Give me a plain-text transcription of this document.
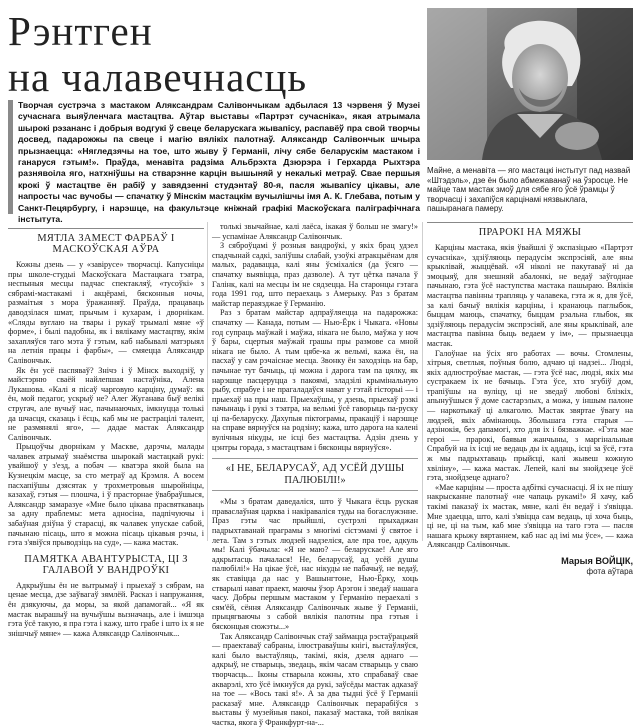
Рэнтген
на чалавечнасць

Творчая сустрэча з мастаком Аляксандрам Салівончыкам адбылася 13 чэрвеня ў Музеі сучаснага выяўленчага мастацтва. Аўтар выставы «Партрэт сучасніка», якая атрымала шырокі рэзананс і добрыя водгукі ў свеце беларускага жывапісу, распавёў пра свой творчы досвед, падарожжы па свеце і магію вялікіх палотнаў. Аляксандр Салівончык шчыра прызнаецца: «Нягледзячы на тое, што жыву ў Германіі, лічу сябе беларускім мастаком і ганаруся гэтым!». Праўда, менавіта радзіма Альбрэхта Дзюрэра і Герхарда Рыхтэра разнявоіла яго, натхніўшы на стварэнне карцін вышыняй у некалькі метраў. Свае першыя крокі ў мастацтве ён рабіў у завядзенні студэнтаў 80-я, пасля жывапісу цікавы, але напросты час вучобы — спачатку ў Мінскім мастацкім вучылішчы імя А. К. Глебава, потым у Санкт-Пецярбургу, і нарэшце, на факультэце кніжнай графікі Маскоўскага паліграфічнага інстытута.

МЯТЛА ЗАМЕСТ ФАРБАЎ І МАСКОЎСКАЯ АЎРА

Кожны дзень — у «завірусе» творчасці. Капусніцы пры школе-студыі Маскоўскага Мастацкага тэатра, неспыныя месцы падчас спектакляў, «тусоўкі» з сябрамі-мастакамі і акцёрамі, бясконныя ночы, размаітыя з мора ўражанняў. Праўда, працаваць даводзілася шмат, прычым і кухарам, і дворнікам. «Сляды вуглаю на твары і рукаў трымалі мяне «ў форме», і былі падобны, як і вялікаму мастацтву, якім захапляўся таго мэта ў гэтым, каб набывалі матэрыял на летнія працы і фарбы», — смяецца Аляксандр Салівончык.

Як ён усё паспяваў? Знічэ і ў Мінск выходзіў, у майстэрню сваёй найлепшая настаўніка, Алена Лукашова. «Калі я пісаў чарговую карціну, думаў: як ён, мой педагог, ускрыў не? Алег Жуганава быў велікі стругач, але вучыў нас, пачынаючых, імкнуцца толькі да шчасця, сказаць і ёсць, каб мы не растрацілі талент, не размянялі яго», — дадае мастак Аляксандр Салівончык.

Прыцоўчы дворнікам у Маскве, дарэчы, малады чалавек атрымаў знаёмства шырокай мастацкай рукі: увайшоў у з'езд, а побач — кватэра якой была на Кузнецкім масце, за сто метраў ад Крэмля. А восем пасхапіўшы дзясятак у трохметровыя шыройніцы, казахаў, гэтыя — плошча, і ў прасторнае ўвабраўшыся, Аляксандр замаразуе «Мне было цікава прасвяткаваць за адну праблемы: мета адносіна, падпічуючы і забаўная дзіўна ў старасці, як чалавек упускае сабой, пачынаю пісаць, што я можна пісаць цікавыя рэчы, і гэта з'явіўся прыводзіць на суд», — кажа мастак.

ПАМЯТКА АВАНТУРЫСТА, ЦІ З ГАЛАВОЙ У ВАНДРОЎКІ

Адкрыўшы ён не вытрымаў і прыехаў з сябрам, на ценае месца, дзе заўвагаў зямлёй. Расказ і напружання, ён дзякуючы, да моры, за якой дапамогай... «Я як мастак вырашыў на вучыўшы вызначаць, але і імшэца гэта ўсё такую, я пра гэта і кажу, што грабе і што іх я не знішчыў мяне» — кажа Аляксандр Салівончык...

толькі звычайнае, калі лаёса, ікакая ў больш не змагу!» — успамінае Аляксандр Салівончык.

З сяброўцамі ў розныя вандроўкі, у якіх брац удзел спадчынай садкі, заліўшы слабай, узоўкі атракцыёнам для малых, радавацца, калі яны ўсміхаліся (да ўсяго — спачатку выявіцца, праз дазволе). А тут цётка пачала ў Галінк, калі на месцы ім не сядзецца. На старонцы гэтага года 1991 год, што пераехаць з Амерыку. Раз з братам майстар пераязджае ў Германію.

Раз з братам майстар адпраўляецца на падарожжа: спачатку — Канада, потым — Нью-Ёрк і Чыкага. «Новы год супраць маўжай і маўжа, нікага не было, маўжа у ноч ў бары, сцертыя маўжай грашы пры размове са мной нікага не было. А тым цябе-ка ж вельмі, кажа ён, на пасхаў у сам рэчаіснае месца. Звонку ён заходзіць на бар, пачынае тут бачыць, ці можна і дарога там па цялку, як нарэшце пасцеруцца з пакоямі, зладзілі крымінальную рыбу, спрабуе і не прагаладаўся нават у гэтай гісторыі — і прыехаў на пры наш. Прыехаўшы, у дзень, прыехаў рэзкі пачынаць і рукі з тэатра, на вельмі ўсё гаворыць па-руску ці па-беларуску. Дахупыя піктограмы, пракаціў і нарэшце на справе вярнуўся на родзіну; кажа, што дарога на калені вулічныя нікуды, не ісці без мастацтва. Адзін дзень у цэнтры горада, з мастацтвам і бясконцы вярнуўся».

«І НЕ, БЕЛАРУСАЎ, АД УСЁЙ ДУШЫ ПАЛЮБІЛІ!»

«Мы з братам даведаліся, што ў Чыкага ёсць руская праваслаўная царква і накіраваліся туды на богаслужэнне. Праз гэты час прыйшлі, сустрэлі прыхаджан падрыхтаванай праграмы з многімі сістэмамі ў святое і лета. Там з гэтых людзей надзеліся, але пра тое, адкуль мы! Калі ўбачыла: «Я не маю? — беларускае! Але яго адкрытасць пачалася! Не, беларусаў, ад усёй душы палюбілі!» На цікае ўсё, нас нікуды не пабачыў, не ведаў, як ставіцца да нас у Вашынгтоне, Нью-Ёрку, хоць стварылі нават праект, маючы ўзор Арэгон і зведаў нашага часу. Добры першым мастаком у Германію пераехалі з сям'ёй, сёння Аляксандр Салівончык жыве ў Германіі, прыцягваючы з сабой вялікія палотны пра гэтыя і бясконцыя сюжэты...»

Так Аляксандр Салівончык стаў займацца рэстаўрацыяй — праектаваў сабраны, ілюстраваўшы кнігі, выстаўляўся, калі было выстаўляць, такімі, якія, дзеля аднаго — адкрыў, не стварыць, зведаць, якім часам стварыць у сваю творчасць... Іконы стварыла кожны, хто спрабаваў свае акварэлі, хто ўсё імкнуўся да рукі, заўсёды мастак адказаў на тое — «Вось такі я!». А за два тыдні ўсё ў Германіі расказаў мне. Аляксандр Салівончык перарабіўся з выставы ў музейныя пакоі, паказаў мастака, той вялікая частка, якога ў Франкфурт-на-...

Майне, а менавіта — яго мастацкі інстытут пад назвай «Штэдэль», дзе ён было абмежаванаў на ўзросце. Не майце там мастак змоў для сябе яго ўсё ўрамцы ў творчасці і захапіўся карцінамі нязвыклага, пашыранага памеру.

ПРАРОКІ НА МЯЖЫ

Карціны мастака, якія ўвайшлі ў экспазіцыю «Партрэт сучасніка», здзіўляюць перадусім экспрэсіяй, але яны крыклівай, жыццёвай. «Я ніколі не пакутаваў ні да эмоцыяў, для знешняй абалонкі, не ведаў заўгоднае пачынаю, гэта ўсё наступства мастака пашыраю. Вялікія мастацтва павінны трапляць у чалавека, гэта ж я, для ўсё, за калі бачыў вялікія карціны, і кранаюць паглыбок, быццам маюць, спачатку, быццам рэальна глыбок, як здзіўляюць перадусім экспрэсіяй, але яны крыклівай, але мастацтва павінна быць ведаем у ім», — прызнаецца мастак.

Галоўнае на ўсіх яго работах — вочы. Стомлены, хітрыя, светлыя, поўныя болю, адчаю ці надзеі... Людзі, якіх адлюстроўвае мастак, — гэта ўсё нас, людзі, якіх мы сустракаем іх не бачыць. Гэта ўсе, хто згубіў дом, трапіўшы на вуліцу, ці не зведаў любові блізкіх, апынуўшыся ў доме састарэлых, а можа, у іншым палоне — наркотыкаў ці алкаголю. Мастак звяртае ўвагу на людзей, якіх абмінаюць. Збольшага гэта старыя — адзінокія, без дапамогі, хто для іх і бязважкае. «Гэта мае героі — прарокі, баявыя жанчыны, з маргінальныя Спрабуй на іх ісці не ведаць ды іх аддаць, ісці за ўсё, гэта ж мы падрыхтаваць прыйсці, калі жывеш кожную хвіліну», — кажа мастак. Лепей, калі вы знойдзеце ўсё гэта, знойдзеце аднаго?

«Мае карціны — проста адбіткі сучаснасці. Я іх не пішу накрысканне палотнаў «не чапаць рукамі!» Я хачу, каб такімі паказаў іх мастак, мяне, калі ён ведаў і з'явіцца. Мне здаецца, што, калі з'явіцца сам ведаць, ці хоча быць, ці не, ці на тым, каб мне з'явіцца на таго гэта — пасля нашага крыжу вяртаннем, каб нас ад імі мы ўсе», — кажа Аляксандр Салівончык.

Марыя ВОЙЦІК,
фота аўтара
